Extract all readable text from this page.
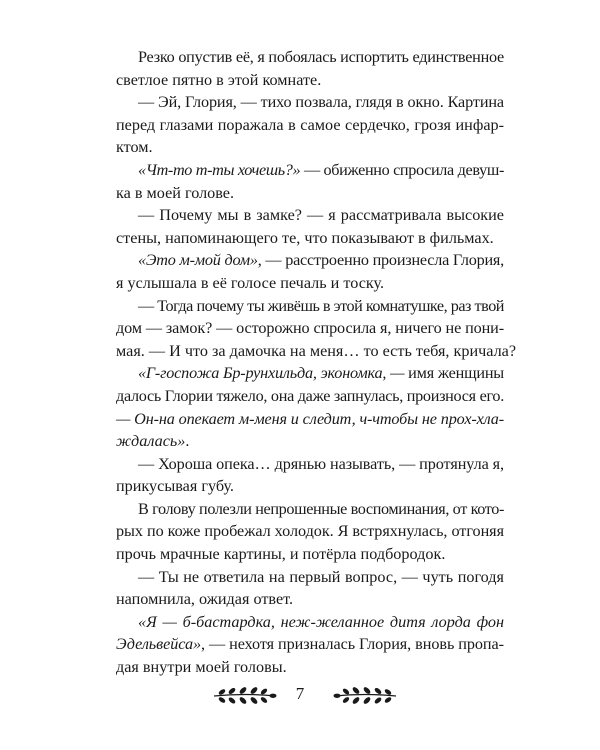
Резко опустив её, я побоялась испортить единственное
светлое пятно в этой комнате.
— Эй, Глория, — тихо позвала, глядя в окно. Картина
перед глазами поражала в самое сердечко, грозя инфар-
ктом.
«Чт-то т-ты хочешь?» — обиженно спросила девуш-
ка в моей голове.
— Почему мы в замке? — я рассматривала высокие
стены, напоминающего те, что показывают в фильмах.
«Это м-мой дом», — расстроенно произнесла Глория,
я услышала в её голосе печаль и тоску.
— Тогда почему ты живёшь в этой комнатушке, раз твой
дом — замок? — осторожно спросила я, ничего не пони-
мая. — И что за дамочка на меня… то есть тебя, кричала?
«Г-госпожа Бр-рунхильда, экономка, — имя женщины
далось Глории тяжело, она даже запнулась, произнося его.
— Он-на опекает м-меня и следит, ч-чтобы не прох-хла-
ждалась».
— Хороша опека… дрянью называть, — протянула я,
прикусывая губу.
В голову полезли непрошенные воспоминания, от кото-
рых по коже пробежал холодок. Я встряхнулась, отгоняя
прочь мрачные картины, и потёрла подбородок.
— Ты не ответила на первый вопрос, — чуть погодя
напомнила, ожидая ответ.
«Я — б-бастардка, неж-желанное дитя лорда фон
Эдельвейса», — нехотя призналась Глория, вновь пропа-
дая внутри моей головы.
7
